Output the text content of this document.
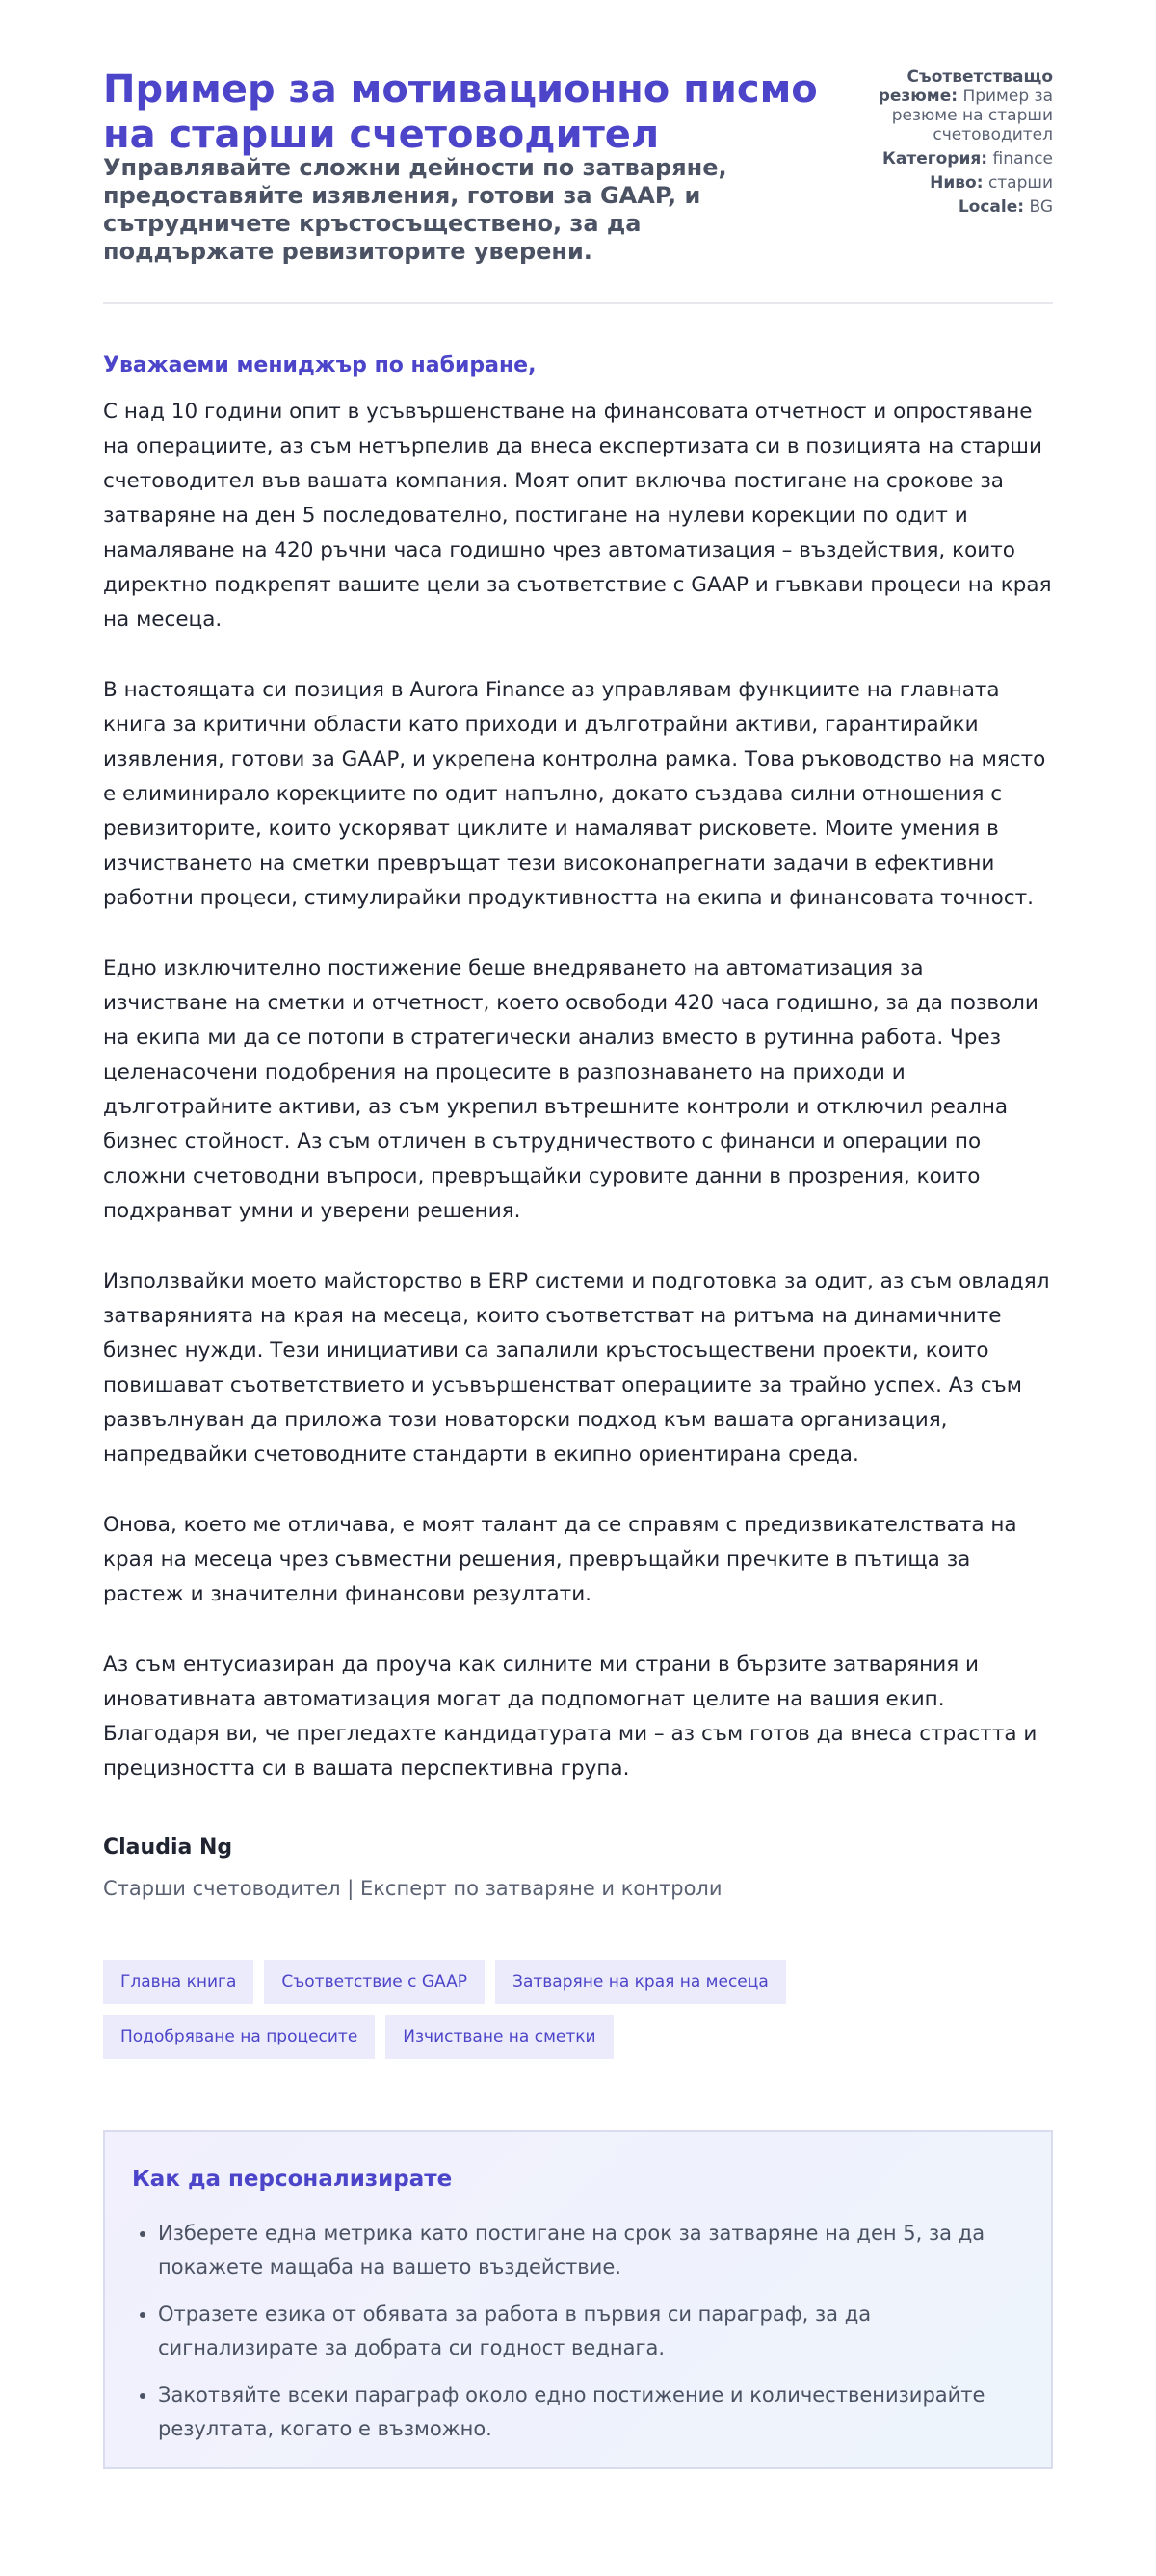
Пример за мотивационно писмо на старши счетоводител
Управлявайте сложни дейности по затваряне, предоставяйте изявления, готови за GAAP, и сътрудничете кръстосъществено, за да поддържате ревизиторите уверени.
Съответстващо резюме: Пример за резюме на старши счетоводител
Категория: finance
Ниво: старши
Locale: BG

Уважаеми мениджър по набиране,

С над 10 години опит в усъвършенстване на финансовата отчетност и опростяване на операциите, аз съм нетърпелив да внеса експертизата си в позицията на старши счетоводител във вашата компания. Моят опит включва постигане на срокове за затваряне на ден 5 последователно, постигане на нулеви корекции по одит и намаляване на 420 ръчни часа годишно чрез автоматизация – въздействия, които директно подкрепят вашите цели за съответствие с GAAP и гъвкави процеси на края на месеца.

В настоящата си позиция в Aurora Finance аз управлявам функциите на главната книга за критични области като приходи и дълготрайни активи, гарантирайки изявления, готови за GAAP, и укрепена контролна рамка. Това ръководство на място е елиминирало корекциите по одит напълно, докато създава силни отношения с ревизиторите, които ускоряват циклите и намаляват рисковете. Моите умения в изчистването на сметки превръщат тези високонапрегнати задачи в ефективни работни процеси, стимулирайки продуктивността на екипа и финансовата точност.

Едно изключително постижение беше внедряването на автоматизация за изчистване на сметки и отчетност, което освободи 420 часа годишно, за да позволи на екипа ми да се потопи в стратегически анализ вместо в рутинна работа. Чрез целенасочени подобрения на процесите в разпознаването на приходи и дълготрайните активи, аз съм укрепил вътрешните контроли и отключил реална бизнес стойност. Аз съм отличен в сътрудничеството с финанси и операции по сложни счетоводни въпроси, превръщайки суровите данни в прозрения, които подхранват умни и уверени решения.

Използвайки моето майсторство в ERP системи и подготовка за одит, аз съм овладял затварянията на края на месеца, които съответстват на ритъма на динамичните бизнес нужди. Тези инициативи са запалили кръстосъществени проекти, които повишават съответствието и усъвършенстват операциите за трайно успех. Аз съм развълнуван да приложа този новаторски подход към вашата организация, напредвайки счетоводните стандарти в екипно ориентирана среда.

Онова, което ме отличава, е моят талант да се справям с предизвикателствата на края на месеца чрез съвместни решения, превръщайки пречките в пътища за растеж и значителни финансови резултати.

Аз съм ентусиазиран да проуча как силните ми страни в бързите затваряния и иновативната автоматизация могат да подпомогнат целите на вашия екип. Благодаря ви, че прегледахте кандидатурата ми – аз съм готов да внеса страстта и прецизността си в вашата перспективна група.

Claudia Ng

Старши счетоводител | Експерт по затваряне и контроли

Главна книга	Съответствие с GAAP	Затваряне на края на месеца
Подобряване на процесите	Изчистване на сметки
Как да персонализирате
• Изберете една метрика като постигане на срок за затваряне на ден 5, за да покажете мащаба на вашето въздействие.
• Отразете езика от обявата за работа в първия си параграф, за да сигнализирате за добрата си годност веднага.
• Закотвяйте всеки параграф около едно постижение и количественизирайте резултата, когато е възможно.
